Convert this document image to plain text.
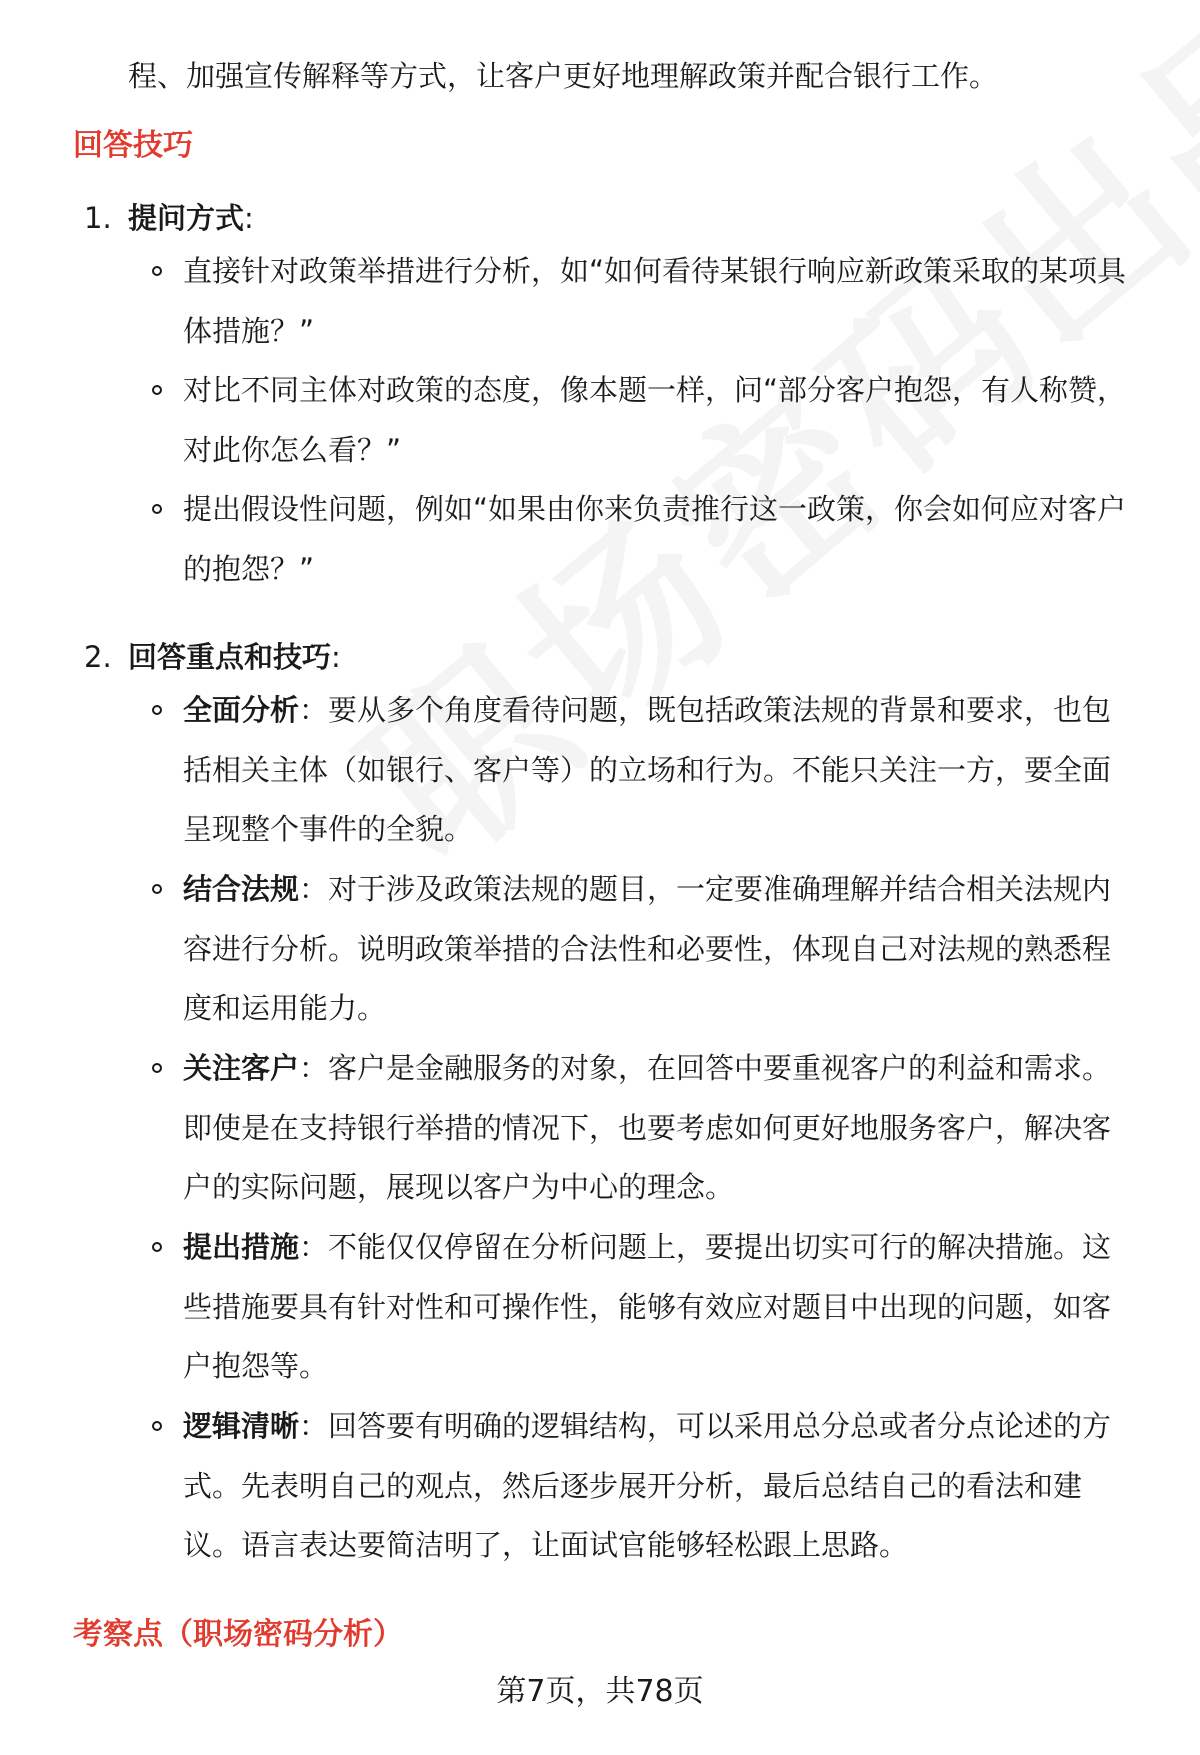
程、加强宣传解释等方式，让客户更好地理解政策并配合银行工作。
回答技巧
1. 提问方式:
直接针对政策举措进行分析，如“如何看待某银行响应新政策采取的某项具体措施？”
对比不同主体对政策的态度，像本题一样，问“部分客户抱怨，有人称赞，对此你怎么看？”
提出假设性问题，例如“如果由你来负责推行这一政策，你会如何应对客户的抱怨？”
2. 回答重点和技巧:
全面分析：要从多个角度看待问题，既包括政策法规的背景和要求，也包括相关主体（如银行、客户等）的立场和行为。不能只关注一方，要全面呈现整个事件的全貌。
结合法规：对于涉及政策法规的题目，一定要准确理解并结合相关法规内容进行分析。说明政策举措的合法性和必要性，体现自己对法规的熟悉程度和运用能力。
关注客户：客户是金融服务的对象，在回答中要重视客户的利益和需求。即使是在支持银行举措的情况下，也要考虑如何更好地服务客户，解决客户的实际问题，展现以客户为中心的理念。
提出措施：不能仅仅停留在分析问题上，要提出切实可行的解决措施。这些措施要具有针对性和可操作性，能够有效应对题目中出现的问题，如客户抱怨等。
逻辑清晰：回答要有明确的逻辑结构，可以采用总分总或者分点论述的方式。先表明自己的观点，然后逐步展开分析，最后总结自己的看法和建议。语言表达要简洁明了，让面试官能够轻松跟上思路。
考察点（职场密码分析）
第7页，共78页
